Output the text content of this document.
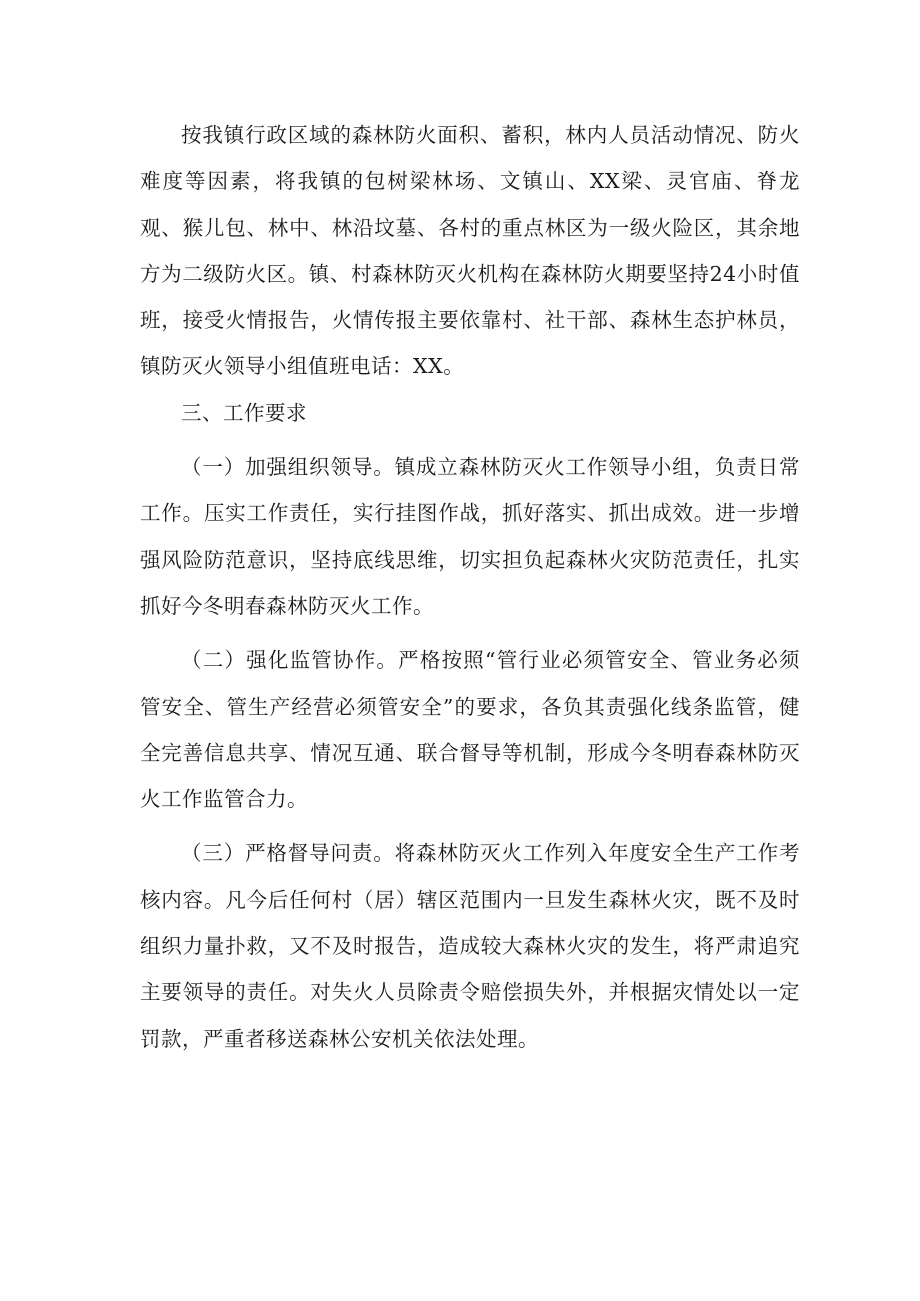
按我镇行政区域的森林防火面积、蓄积，林内人员活动情况、防火难度等因素，将我镇的包树梁林场、文镇山、XX梁、灵官庙、脊龙观、猴儿包、林中、林沿坟墓、各村的重点林区为一级火险区，其余地方为二级防火区。镇、村森林防灭火机构在森林防火期要坚持24小时值班，接受火情报告，火情传报主要依靠村、社干部、森林生态护林员，镇防灭火领导小组值班电话：XX。

三、工作要求

（一）加强组织领导。镇成立森林防灭火工作领导小组，负责日常工作。压实工作责任，实行挂图作战，抓好落实、抓出成效。进一步增强风险防范意识，坚持底线思维，切实担负起森林火灾防范责任，扎实抓好今冬明春森林防灭火工作。

（二）强化监管协作。严格按照“管行业必须管安全、管业务必须管安全、管生产经营必须管安全”的要求，各负其责强化线条监管，健全完善信息共享、情况互通、联合督导等机制，形成今冬明春森林防灭火工作监管合力。

（三）严格督导问责。将森林防灭火工作列入年度安全生产工作考核内容。凡今后任何村（居）辖区范围内一旦发生森林火灾，既不及时组织力量扑救，又不及时报告，造成较大森林火灾的发生，将严肃追究主要领导的责任。对失火人员除责令赔偿损失外，并根据灾情处以一定罚款，严重者移送森林公安机关依法处理。
